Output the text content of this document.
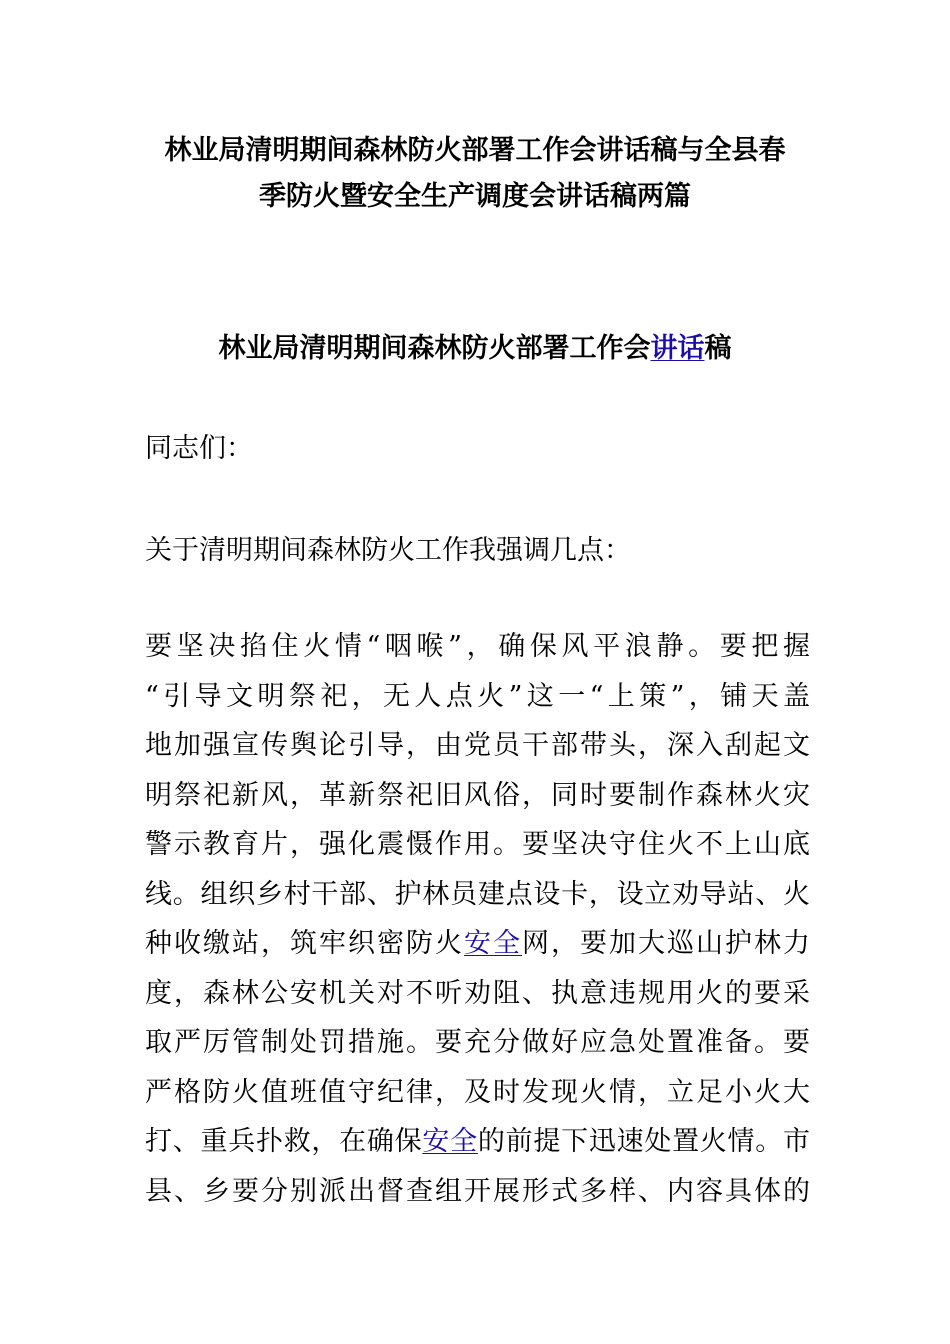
林业局清明期间森林防火部署工作会讲话稿与全县春
季防火暨安全生产调度会讲话稿两篇
林业局清明期间森林防火部署工作会讲话稿

同志们：

关于清明期间森林防火工作我强调几点：

要坚决掐住火情“咽喉”，确保风平浪静。要把握
“引导文明祭祀，无人点火”这一“上策”，铺天盖
地加强宣传舆论引导，由党员干部带头，深入刮起文
明祭祀新风，革新祭祀旧风俗，同时要制作森林火灾
警示教育片，强化震慑作用。要坚决守住火不上山底
线。组织乡村干部、护林员建点设卡，设立劝导站、火
种收缴站，筑牢织密防火安全网，要加大巡山护林力
度，森林公安机关对不听劝阻、执意违规用火的要采
取严厉管制处罚措施。要充分做好应急处置准备。要
严格防火值班值守纪律，及时发现火情，立足小火大
打、重兵扑救，在确保安全的前提下迅速处置火情。市
县、乡要分别派出督查组开展形式多样、内容具体的
